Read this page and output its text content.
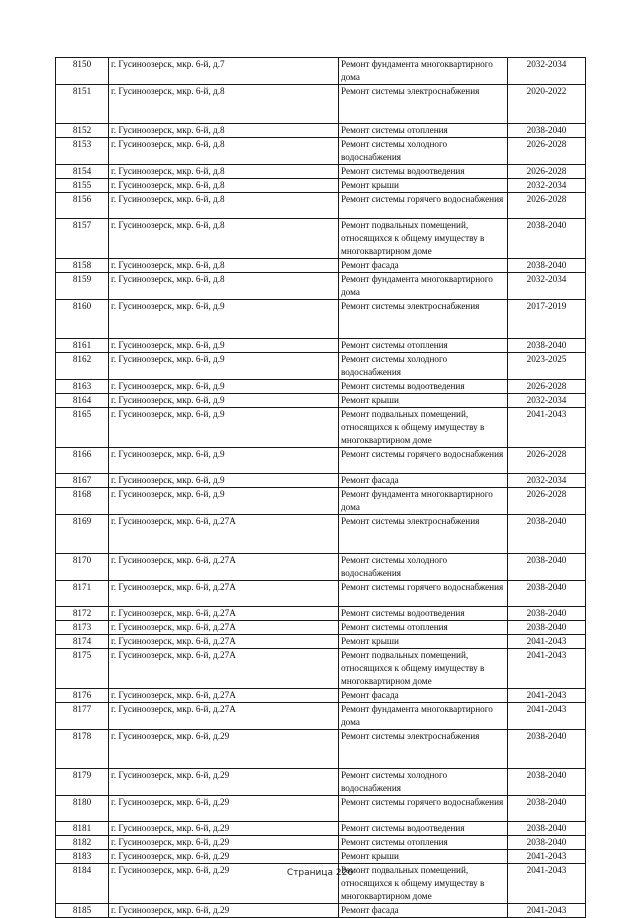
8150	г. Гусиноозерск, мкр. 6-й, д.7	Ремонт фундамента многоквартирного дома	2032-2034
8151	г. Гусиноозерск, мкр. 6-й, д.8	Ремонт системы электроснабжения	2020-2022
8152	г. Гусиноозерск, мкр. 6-й, д.8	Ремонт системы отопления	2038-2040
8153	г. Гусиноозерск, мкр. 6-й, д.8	Ремонт системы холодного водоснабжения	2026-2028
8154	г. Гусиноозерск, мкр. 6-й, д.8	Ремонт системы водоотведения	2026-2028
8155	г. Гусиноозерск, мкр. 6-й, д.8	Ремонт крыши	2032-2034
8156	г. Гусиноозерск, мкр. 6-й, д.8	Ремонт системы горячего водоснабжения	2026-2028
8157	г. Гусиноозерск, мкр. 6-й, д.8	Ремонт подвальных помещений, относящихся к общему имуществу в многоквартирном доме	2038-2040
8158	г. Гусиноозерск, мкр. 6-й, д.8	Ремонт фасада	2038-2040
8159	г. Гусиноозерск, мкр. 6-й, д.8	Ремонт фундамента многоквартирного дома	2032-2034
8160	г. Гусиноозерск, мкр. 6-й, д.9	Ремонт системы электроснабжения	2017-2019
8161	г. Гусиноозерск, мкр. 6-й, д.9	Ремонт системы отопления	2038-2040
8162	г. Гусиноозерск, мкр. 6-й, д.9	Ремонт системы холодного водоснабжения	2023-2025
8163	г. Гусиноозерск, мкр. 6-й, д.9	Ремонт системы водоотведения	2026-2028
8164	г. Гусиноозерск, мкр. 6-й, д.9	Ремонт крыши	2032-2034
8165	г. Гусиноозерск, мкр. 6-й, д.9	Ремонт подвальных помещений, относящихся к общему имуществу в многоквартирном доме	2041-2043
8166	г. Гусиноозерск, мкр. 6-й, д.9	Ремонт системы горячего водоснабжения	2026-2028
8167	г. Гусиноозерск, мкр. 6-й, д.9	Ремонт фасада	2032-2034
8168	г. Гусиноозерск, мкр. 6-й, д.9	Ремонт фундамента многоквартирного дома	2026-2028
8169	г. Гусиноозерск, мкр. 6-й, д.27А	Ремонт системы электроснабжения	2038-2040
8170	г. Гусиноозерск, мкр. 6-й, д.27А	Ремонт системы холодного водоснабжения	2038-2040
8171	г. Гусиноозерск, мкр. 6-й, д.27А	Ремонт системы горячего водоснабжения	2038-2040
8172	г. Гусиноозерск, мкр. 6-й, д.27А	Ремонт системы водоотведения	2038-2040
8173	г. Гусиноозерск, мкр. 6-й, д.27А	Ремонт системы отопления	2038-2040
8174	г. Гусиноозерск, мкр. 6-й, д.27А	Ремонт крыши	2041-2043
8175	г. Гусиноозерск, мкр. 6-й, д.27А	Ремонт подвальных помещений, относящихся к общему имуществу в многоквартирном доме	2041-2043
8176	г. Гусиноозерск, мкр. 6-й, д.27А	Ремонт фасада	2041-2043
8177	г. Гусиноозерск, мкр. 6-й, д.27А	Ремонт фундамента многоквартирного дома	2041-2043
8178	г. Гусиноозерск, мкр. 6-й, д.29	Ремонт системы электроснабжения	2038-2040
8179	г. Гусиноозерск, мкр. 6-й, д.29	Ремонт системы холодного водоснабжения	2038-2040
8180	г. Гусиноозерск, мкр. 6-й, д.29	Ремонт системы горячего водоснабжения	2038-2040
8181	г. Гусиноозерск, мкр. 6-й, д.29	Ремонт системы водоотведения	2038-2040
8182	г. Гусиноозерск, мкр. 6-й, д.29	Ремонт системы отопления	2038-2040
8183	г. Гусиноозерск, мкр. 6-й, д.29	Ремонт крыши	2041-2043
8184	г. Гусиноозерск, мкр. 6-й, д.29	Ремонт подвальных помещений, относящихся к общему имуществу в многоквартирном доме	2041-2043
8185	г. Гусиноозерск, мкр. 6-й, д.29	Ремонт фасада	2041-2043
Страница 226
